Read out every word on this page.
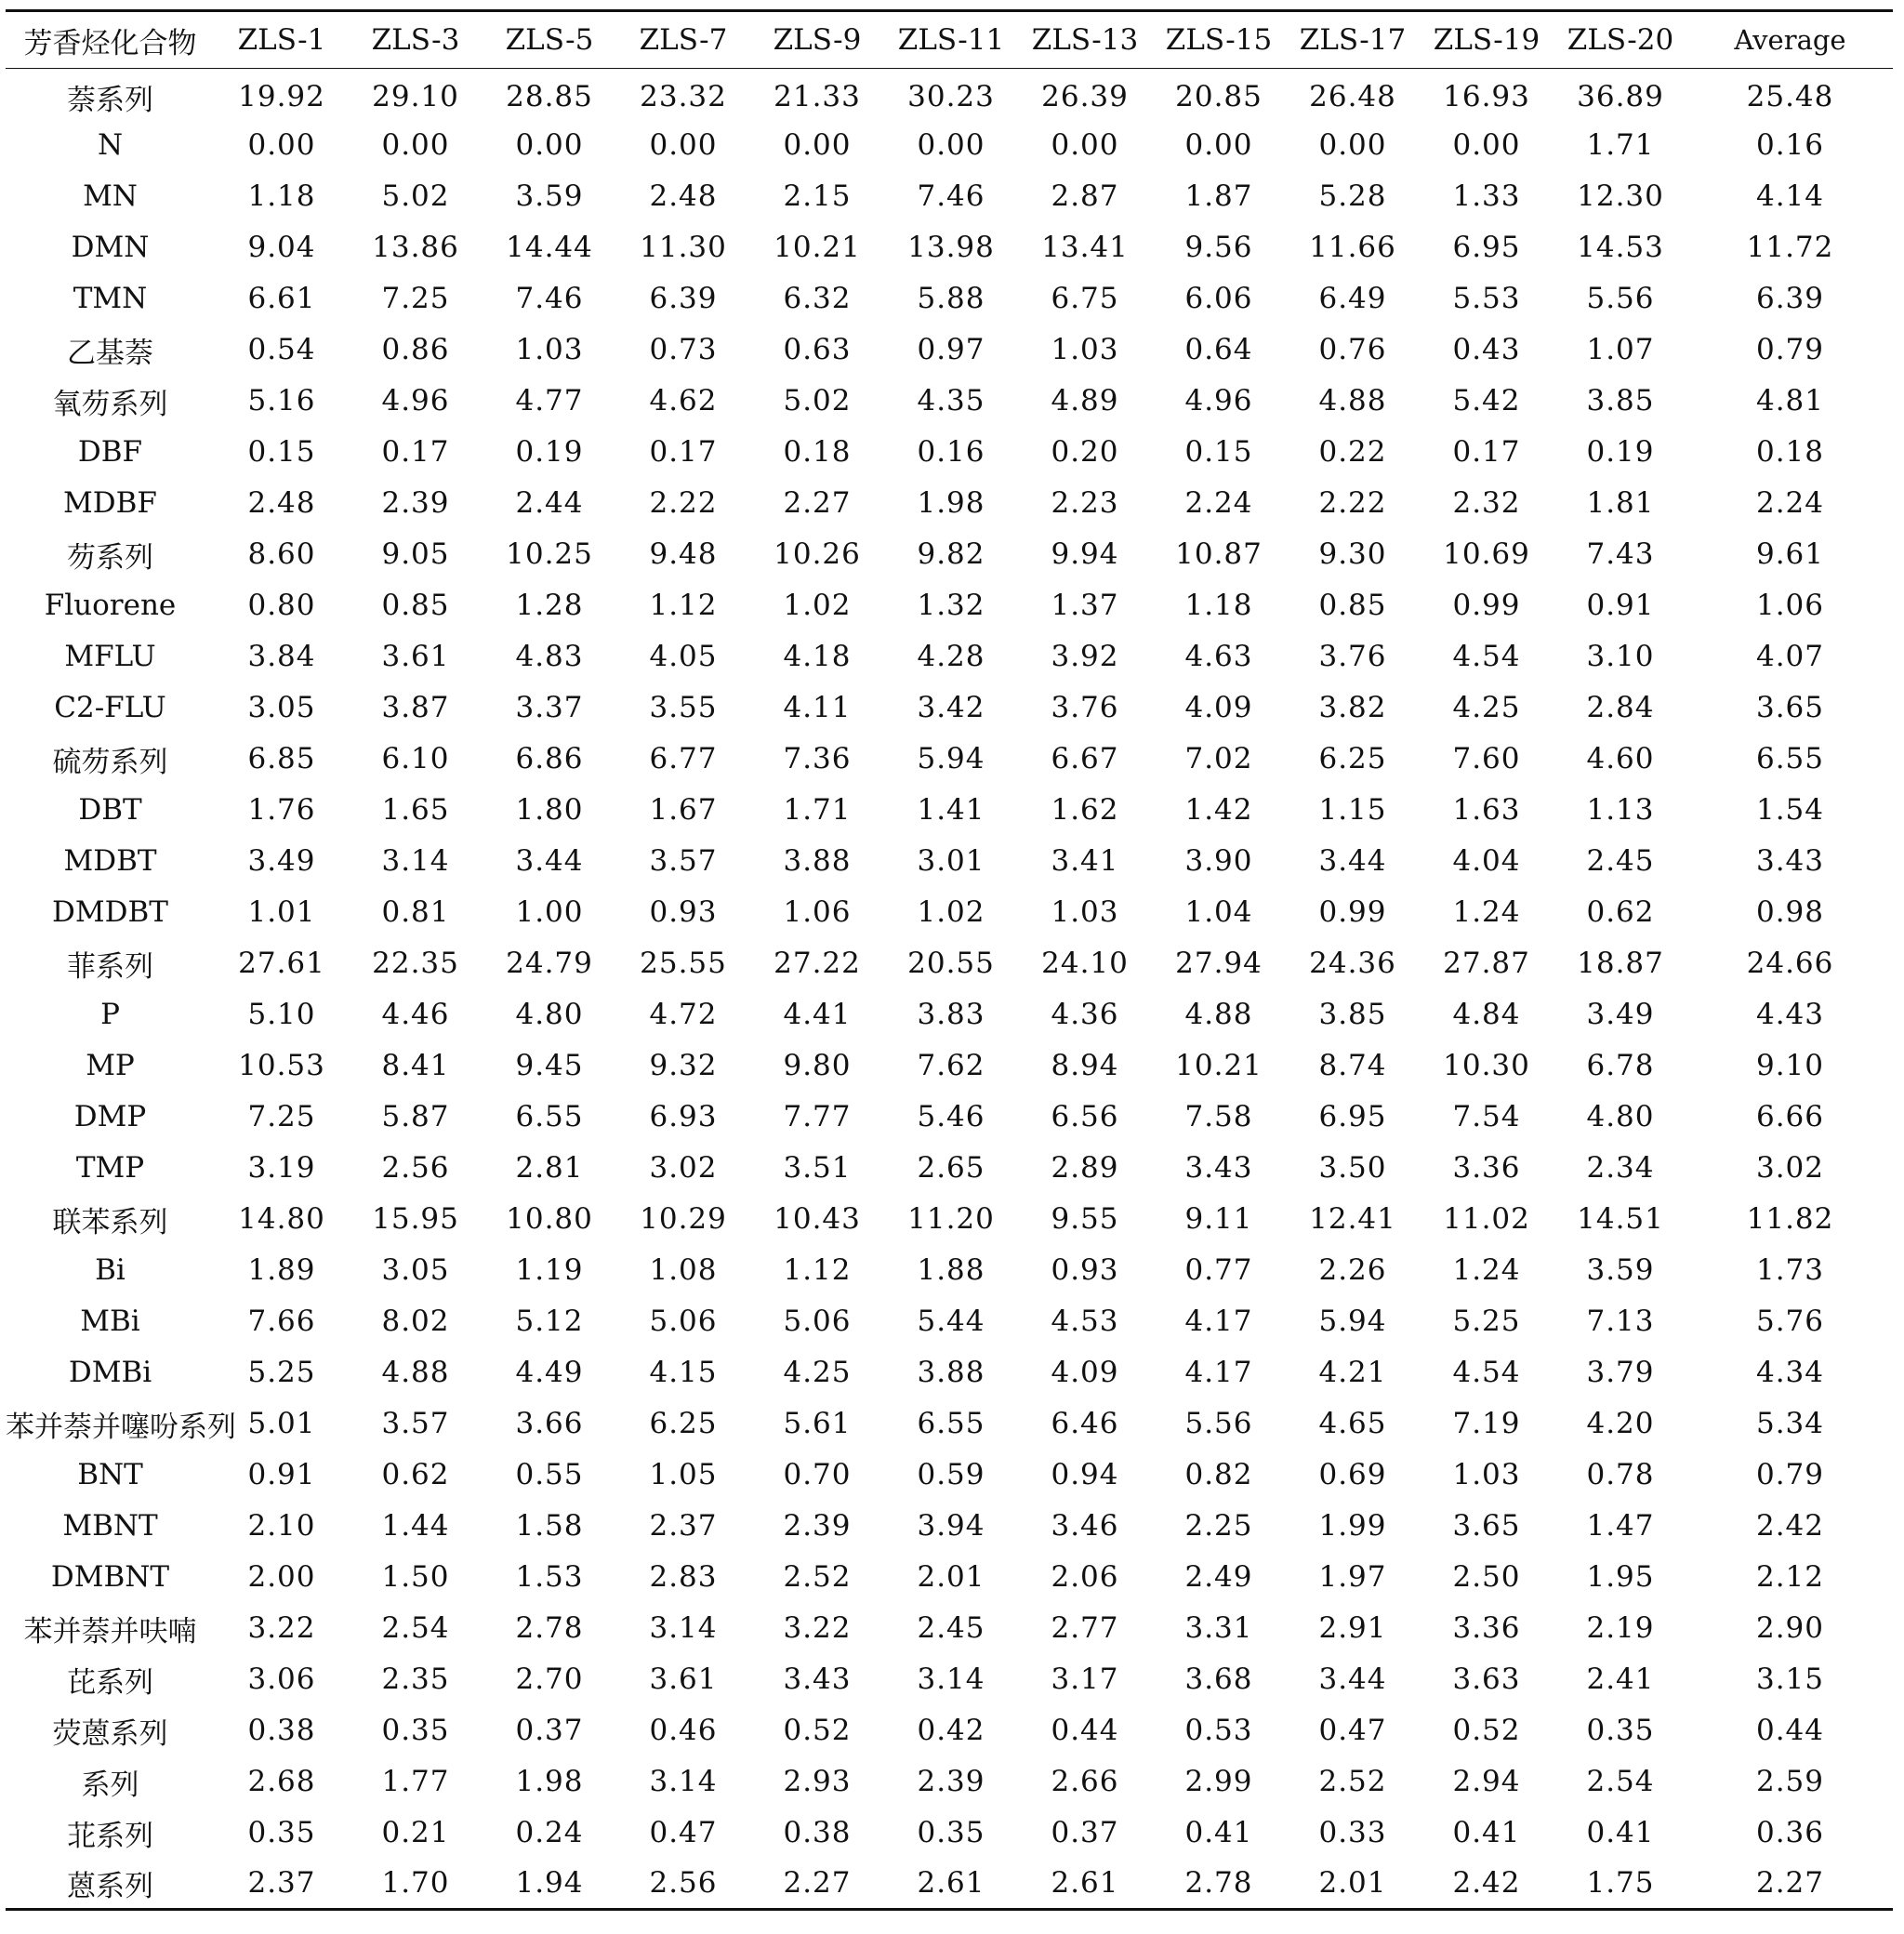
芳香烃化合物	ZLS-1	ZLS-3	ZLS-5	ZLS-7	ZLS-9	ZLS-11	ZLS-13	ZLS-15	ZLS-17	ZLS-19	ZLS-20	Average
萘系列	19.92	29.10	28.85	23.32	21.33	30.23	26.39	20.85	26.48	16.93	36.89	25.48
N	0.00	0.00	0.00	0.00	0.00	0.00	0.00	0.00	0.00	0.00	1.71	0.16
MN	1.18	5.02	3.59	2.48	2.15	7.46	2.87	1.87	5.28	1.33	12.30	4.14
DMN	9.04	13.86	14.44	11.30	10.21	13.98	13.41	9.56	11.66	6.95	14.53	11.72
TMN	6.61	7.25	7.46	6.39	6.32	5.88	6.75	6.06	6.49	5.53	5.56	6.39
乙基萘	0.54	0.86	1.03	0.73	0.63	0.97	1.03	0.64	0.76	0.43	1.07	0.79
氧芴系列	5.16	4.96	4.77	4.62	5.02	4.35	4.89	4.96	4.88	5.42	3.85	4.81
DBF	0.15	0.17	0.19	0.17	0.18	0.16	0.20	0.15	0.22	0.17	0.19	0.18
MDBF	2.48	2.39	2.44	2.22	2.27	1.98	2.23	2.24	2.22	2.32	1.81	2.24
芴系列	8.60	9.05	10.25	9.48	10.26	9.82	9.94	10.87	9.30	10.69	7.43	9.61
Fluorene	0.80	0.85	1.28	1.12	1.02	1.32	1.37	1.18	0.85	0.99	0.91	1.06
MFLU	3.84	3.61	4.83	4.05	4.18	4.28	3.92	4.63	3.76	4.54	3.10	4.07
C2-FLU	3.05	3.87	3.37	3.55	4.11	3.42	3.76	4.09	3.82	4.25	2.84	3.65
硫芴系列	6.85	6.10	6.86	6.77	7.36	5.94	6.67	7.02	6.25	7.60	4.60	6.55
DBT	1.76	1.65	1.80	1.67	1.71	1.41	1.62	1.42	1.15	1.63	1.13	1.54
MDBT	3.49	3.14	3.44	3.57	3.88	3.01	3.41	3.90	3.44	4.04	2.45	3.43
DMDBT	1.01	0.81	1.00	0.93	1.06	1.02	1.03	1.04	0.99	1.24	0.62	0.98
菲系列	27.61	22.35	24.79	25.55	27.22	20.55	24.10	27.94	24.36	27.87	18.87	24.66
P	5.10	4.46	4.80	4.72	4.41	3.83	4.36	4.88	3.85	4.84	3.49	4.43
MP	10.53	8.41	9.45	9.32	9.80	7.62	8.94	10.21	8.74	10.30	6.78	9.10
DMP	7.25	5.87	6.55	6.93	7.77	5.46	6.56	7.58	6.95	7.54	4.80	6.66
TMP	3.19	2.56	2.81	3.02	3.51	2.65	2.89	3.43	3.50	3.36	2.34	3.02
联苯系列	14.80	15.95	10.80	10.29	10.43	11.20	9.55	9.11	12.41	11.02	14.51	11.82
Bi	1.89	3.05	1.19	1.08	1.12	1.88	0.93	0.77	2.26	1.24	3.59	1.73
MBi	7.66	8.02	5.12	5.06	5.06	5.44	4.53	4.17	5.94	5.25	7.13	5.76
DMBi	5.25	4.88	4.49	4.15	4.25	3.88	4.09	4.17	4.21	4.54	3.79	4.34
苯并萘并噻吩系列	5.01	3.57	3.66	6.25	5.61	6.55	6.46	5.56	4.65	7.19	4.20	5.34
BNT	0.91	0.62	0.55	1.05	0.70	0.59	0.94	0.82	0.69	1.03	0.78	0.79
MBNT	2.10	1.44	1.58	2.37	2.39	3.94	3.46	2.25	1.99	3.65	1.47	2.42
DMBNT	2.00	1.50	1.53	2.83	2.52	2.01	2.06	2.49	1.97	2.50	1.95	2.12
苯并萘并呋喃	3.22	2.54	2.78	3.14	3.22	2.45	2.77	3.31	2.91	3.36	2.19	2.90
芘系列	3.06	2.35	2.70	3.61	3.43	3.14	3.17	3.68	3.44	3.63	2.41	3.15
荧蒽系列	0.38	0.35	0.37	0.46	0.52	0.42	0.44	0.53	0.47	0.52	0.35	0.44
系列	2.68	1.77	1.98	3.14	2.93	2.39	2.66	2.99	2.52	2.94	2.54	2.59
苝系列	0.35	0.21	0.24	0.47	0.38	0.35	0.37	0.41	0.33	0.41	0.41	0.36
蒽系列	2.37	1.70	1.94	2.56	2.27	2.61	2.61	2.78	2.01	2.42	1.75	2.27
